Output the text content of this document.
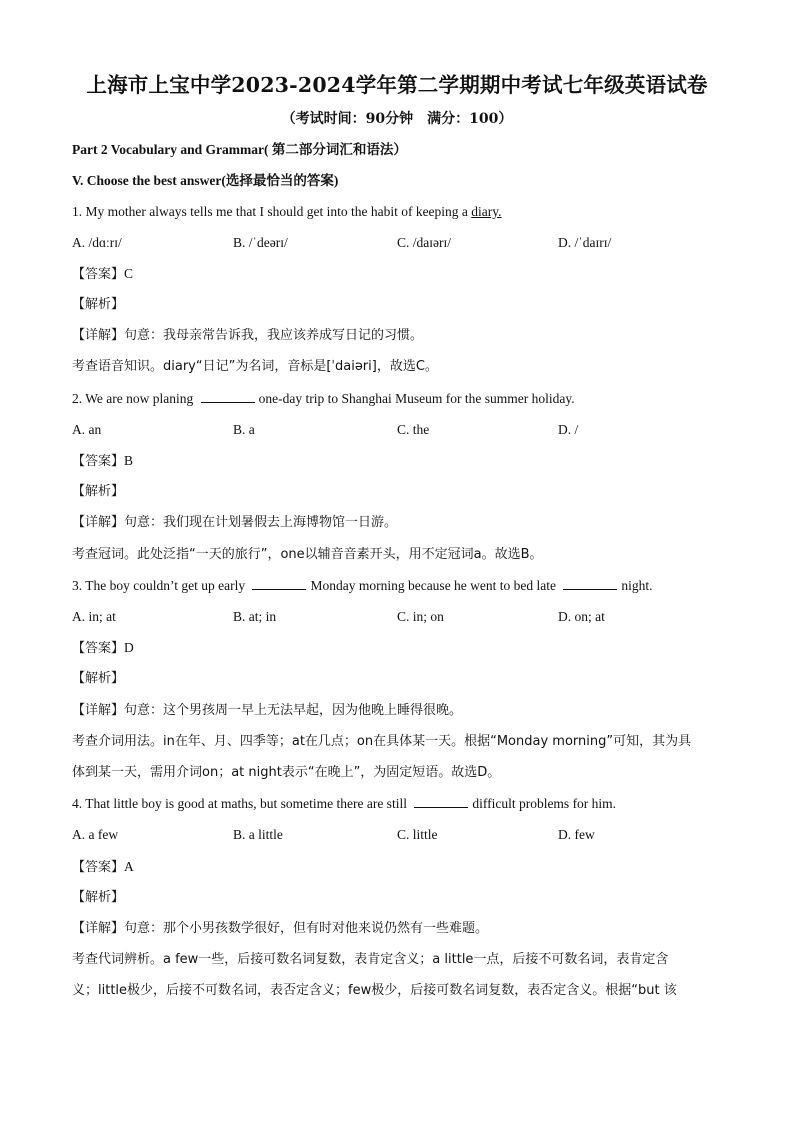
上海市上宝中学2023-2024学年第二学期期中考试七年级英语试卷
（考试时间：90分钟　满分：100）
Part 2 Vocabulary and Grammar( 第二部分词汇和语法）
V. Choose the best answer(选择最恰当的答案)
1. My mother always tells me that I should get into the habit of keeping a diary.
A. /dɑːrɪ/	B. /ˈdeərɪ/	C. /daɪərɪ/	D. /ˈdaɪrɪ/
【答案】C
【解析】
【详解】句意：我母亲常告诉我，我应该养成写日记的习惯。
考查语音知识。diary“日记”为名词，音标是[ˈdaiəri]，故选C。
2. We are now planing	one-day trip to Shanghai Museum for the summer holiday.
A. an	B. a	C. the	D. /
【答案】B
【解析】
【详解】句意：我们现在计划暑假去上海博物馆一日游。
考查冠词。此处泛指“一天的旅行”，one以辅音音素开头，用不定冠词a。故选B。
3. The boy couldn’t get up early	Monday morning because he went to bed late	night.
A. in; at	B. at; in	C. in; on	D. on; at
【答案】D
【解析】
【详解】句意：这个男孩周一早上无法早起，因为他晚上睡得很晚。
考查介词用法。in在年、月、四季等；at在几点；on在具体某一天。根据“Monday morning”可知，其为具
体到某一天，需用介词on；at night表示“在晚上”，为固定短语。故选D。
4. That little boy is good at maths, but sometime there are still	difficult problems for him.
A. a few	B. a little	C. little	D. few
【答案】A
【解析】
【详解】句意：那个小男孩数学很好，但有时对他来说仍然有一些难题。
考查代词辨析。a few一些，后接可数名词复数，表肯定含义；a little一点，后接不可数名词，表肯定含
义；little极少，后接不可数名词，表否定含义；few极少，后接可数名词复数，表否定含义。根据“but 该
